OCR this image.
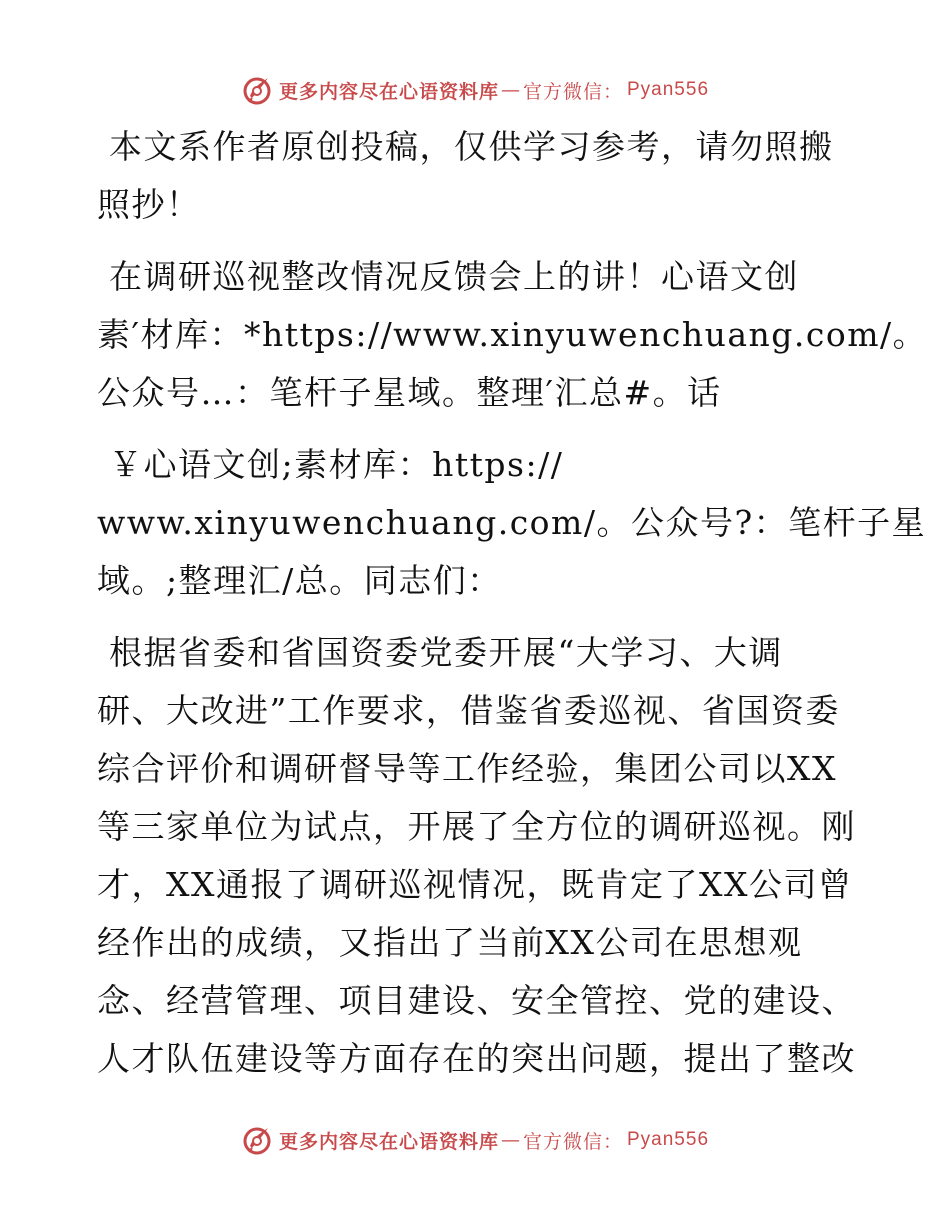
更多内容尽在心语资料库 — 官方微信： Pyan556
本文系作者原创投稿，仅供学习参考，请勿照搬
照抄！
在调研巡视整改情况反馈会上的讲！心语文创
素′材库：*https://www.xinyuwenchuang.com/。
公众号…：笔杆子星域。整理′汇总#。话
￥心语文创;素材库：https://
www.xinyuwenchuang.com/。公众号?：笔杆子星
域。;整理汇/总。同志们：
根据省委和省国资委党委开展“大学习、大调
研、大改进”工作要求，借鉴省委巡视、省国资委
综合评价和调研督导等工作经验，集团公司以XX
等三家单位为试点，开展了全方位的调研巡视。刚
才，XX通报了调研巡视情况，既肯定了XX公司曾
经作出的成绩，又指出了当前XX公司在思想观
念、经营管理、项目建设、安全管控、党的建设、
人才队伍建设等方面存在的突出问题，提出了整改
更多内容尽在心语资料库 — 官方微信： Pyan556
